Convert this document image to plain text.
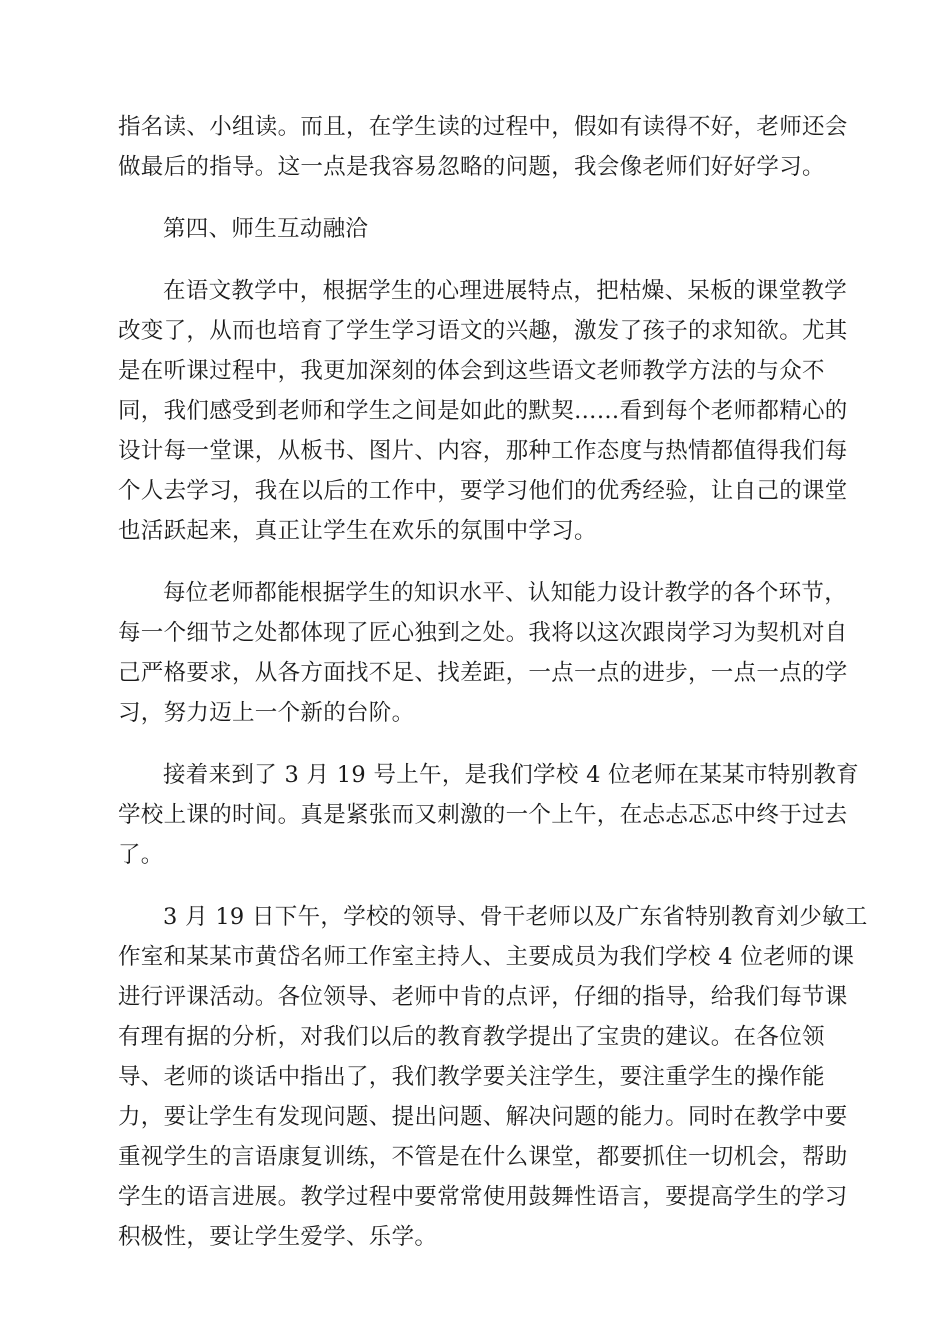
指名读、小组读。而且，在学生读的过程中，假如有读得不好，老师还会
做最后的指导。这一点是我容易忽略的问题，我会像老师们好好学习。

第四、师生互动融洽

在语文教学中，根据学生的心理进展特点，把枯燥、呆板的课堂教学
改变了，从而也培育了学生学习语文的兴趣，激发了孩子的求知欲。尤其
是在听课过程中，我更加深刻的体会到这些语文老师教学方法的与众不
同，我们感受到老师和学生之间是如此的默契……看到每个老师都精心的
设计每一堂课，从板书、图片、内容，那种工作态度与热情都值得我们每
个人去学习，我在以后的工作中，要学习他们的优秀经验，让自己的课堂
也活跃起来，真正让学生在欢乐的氛围中学习。

每位老师都能根据学生的知识水平、认知能力设计教学的各个环节，
每一个细节之处都体现了匠心独到之处。我将以这次跟岗学习为契机对自
己严格要求，从各方面找不足、找差距，一点一点的进步，一点一点的学
习，努力迈上一个新的台阶。

接着来到了 3 月 19 号上午，是我们学校 4 位老师在某某市特别教育
学校上课的时间。真是紧张而又刺激的一个上午，在忐忐忑忑中终于过去
了。

3 月 19 日下午，学校的领导、骨干老师以及广东省特别教育刘少敏工
作室和某某市黄岱名师工作室主持人、主要成员为我们学校 4 位老师的课
进行评课活动。各位领导、老师中肯的点评，仔细的指导，给我们每节课
有理有据的分析，对我们以后的教育教学提出了宝贵的建议。在各位领
导、老师的谈话中指出了，我们教学要关注学生，要注重学生的操作能
力，要让学生有发现问题、提出问题、解决问题的能力。同时在教学中要
重视学生的言语康复训练，不管是在什么课堂，都要抓住一切机会，帮助
学生的语言进展。教学过程中要常常使用鼓舞性语言，要提高学生的学习
积极性，要让学生爱学、乐学。
